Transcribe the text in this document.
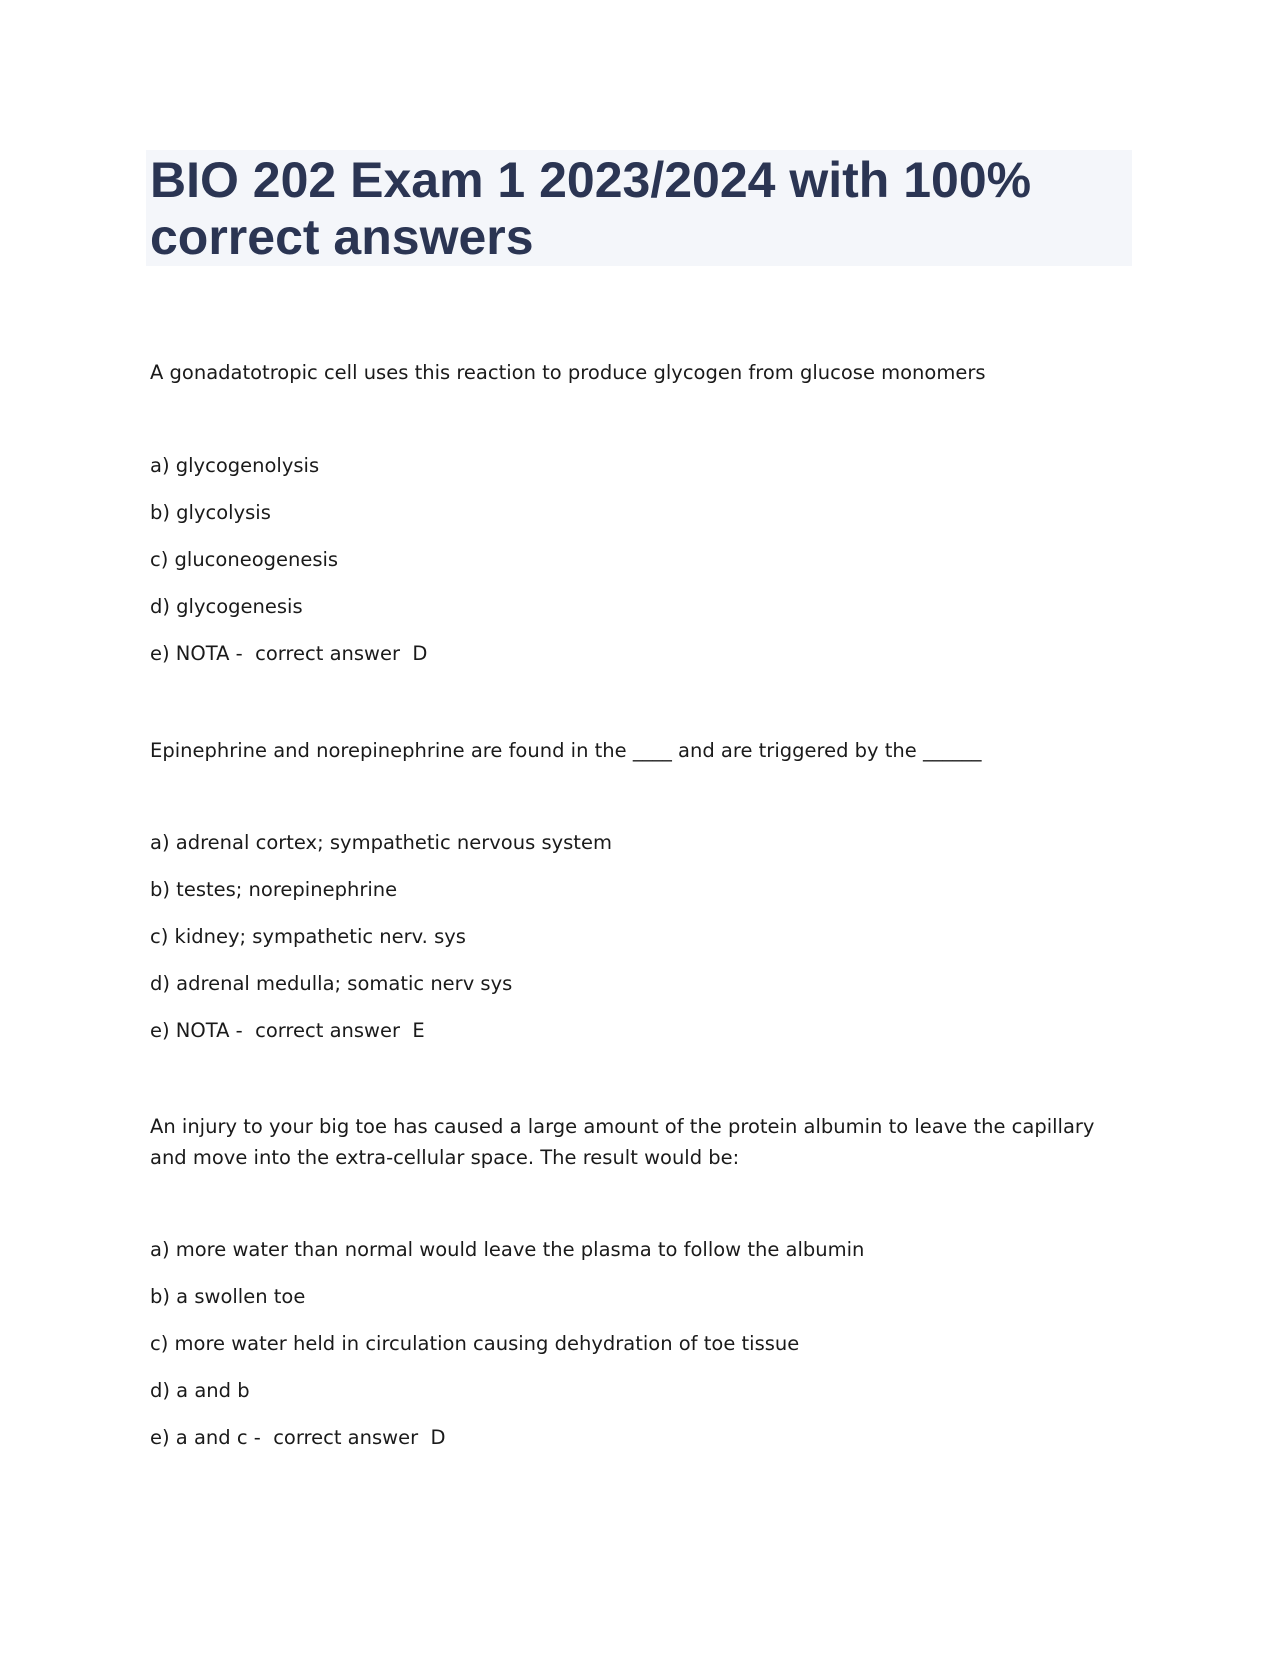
BIO 202 Exam 1 2023/2024 with 100% correct answers

A gonadatotropic cell uses this reaction to produce glycogen from glucose monomers

a) glycogenolysis
b) glycolysis
c) gluconeogenesis
d) glycogenesis
e) NOTA -  correct answer  D

Epinephrine and norepinephrine are found in the ____ and are triggered by the ______

a) adrenal cortex; sympathetic nervous system
b) testes; norepinephrine
c) kidney; sympathetic nerv. sys
d) adrenal medulla; somatic nerv sys
e) NOTA -  correct answer  E

An injury to your big toe has caused a large amount of the protein albumin to leave the capillary and move into the extra-cellular space. The result would be:

a) more water than normal would leave the plasma to follow the albumin
b) a swollen toe
c) more water held in circulation causing dehydration of toe tissue
d) a and b
e) a and c -  correct answer  D
